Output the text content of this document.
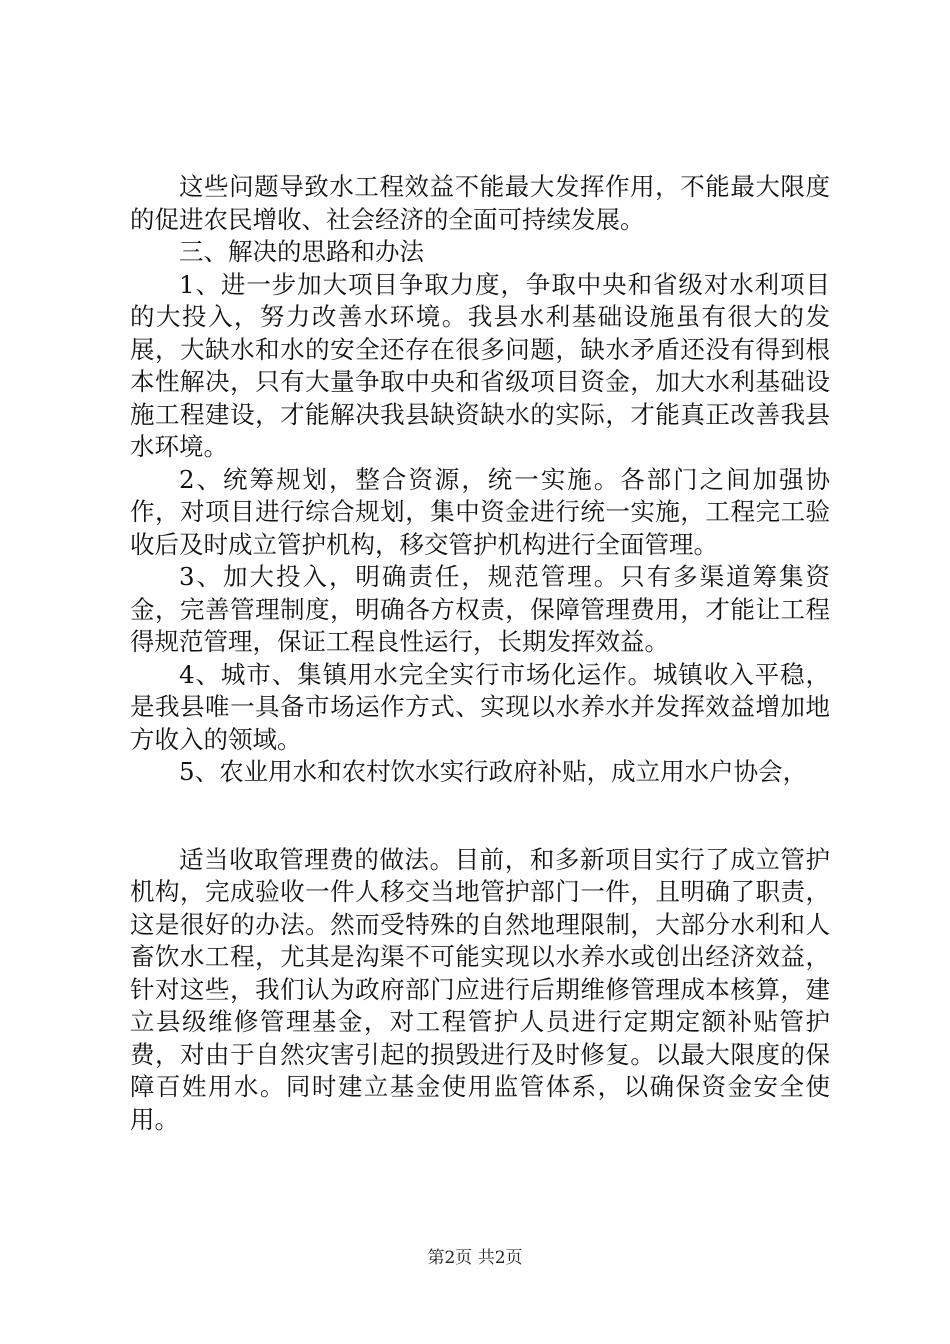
这些问题导致水工程效益不能最大发挥作用，不能最大限度的促进农民增收、社会经济的全面可持续发展。

三、解决的思路和办法

1、进一步加大项目争取力度，争取中央和省级对水利项目的大投入，努力改善水环境。我县水利基础设施虽有很大的发展，大缺水和水的安全还存在很多问题，缺水矛盾还没有得到根本性解决，只有大量争取中央和省级项目资金，加大水利基础设施工程建设，才能解决我县缺资缺水的实际，才能真正改善我县水环境。

2、统筹规划，整合资源，统一实施。各部门之间加强协作，对项目进行综合规划，集中资金进行统一实施，工程完工验收后及时成立管护机构，移交管护机构进行全面管理。

3、加大投入，明确责任，规范管理。只有多渠道筹集资金，完善管理制度，明确各方权责，保障管理费用，才能让工程得规范管理，保证工程良性运行，长期发挥效益。

4、城市、集镇用水完全实行市场化运作。城镇收入平稳，是我县唯一具备市场运作方式、实现以水养水并发挥效益增加地方收入的领域。

5、农业用水和农村饮水实行政府补贴，成立用水户协会，

适当收取管理费的做法。目前，和多新项目实行了成立管护机构，完成验收一件人移交当地管护部门一件，且明确了职责，这是很好的办法。然而受特殊的自然地理限制，大部分水利和人畜饮水工程，尤其是沟渠不可能实现以水养水或创出经济效益，针对这些，我们认为政府部门应进行后期维修管理成本核算，建立县级维修管理基金，对工程管护人员进行定期定额补贴管护费，对由于自然灾害引起的损毁进行及时修复。以最大限度的保障百姓用水。同时建立基金使用监管体系，以确保资金安全使用。

第2页 共2页
